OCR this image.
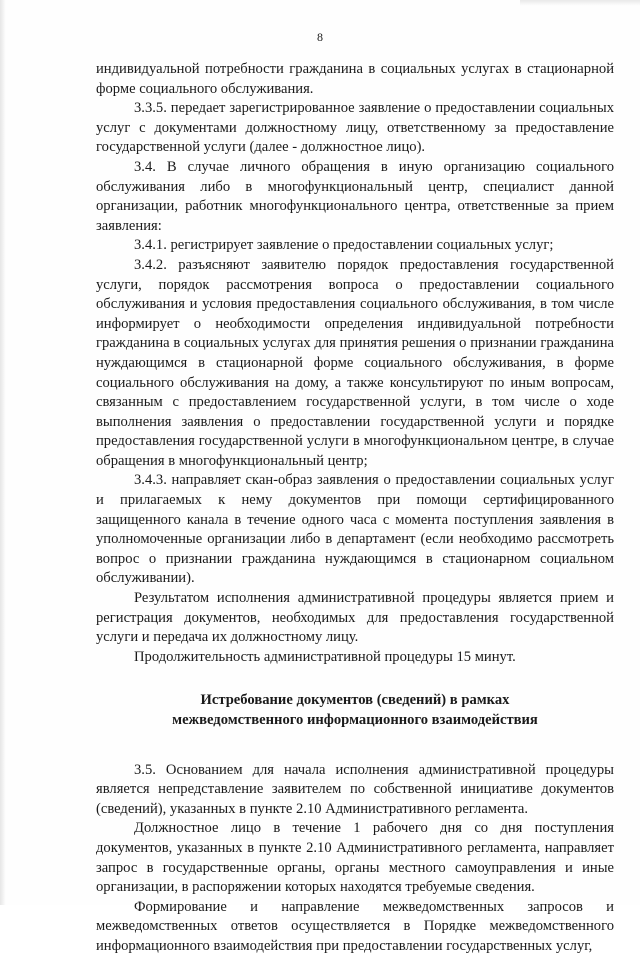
8

индивидуальной потребности гражданина в социальных услугах в стационарной форме социального обслуживания.

3.3.5. передает зарегистрированное заявление о предоставлении социальных услуг с документами должностному лицу, ответственному за предоставление государственной услуги (далее - должностное лицо).

3.4. В случае личного обращения в иную организацию социального обслуживания либо в многофункциональный центр, специалист данной организации, работник многофункционального центра, ответственные за прием заявления:

3.4.1. регистрирует заявление о предоставлении социальных услуг;

3.4.2. разъясняют заявителю порядок предоставления государственной услуги, порядок рассмотрения вопроса о предоставлении социального обслуживания и условия предоставления социального обслуживания, в том числе информирует о необходимости определения индивидуальной потребности гражданина в социальных услугах для принятия решения о признании гражданина нуждающимся в стационарной форме социального обслуживания, в форме социального обслуживания на дому, а также консультируют по иным вопросам, связанным с предоставлением государственной услуги, в том числе о ходе выполнения заявления о предоставлении государственной услуги и порядке предоставления государственной услуги в многофункциональном центре, в случае обращения в многофункциональный центр;

3.4.3. направляет скан-образ заявления о предоставлении социальных услуг и прилагаемых к нему документов при помощи сертифицированного защищенного канала в течение одного часа с момента поступления заявления в уполномоченные организации либо в департамент (если необходимо рассмотреть вопрос о признании гражданина нуждающимся в стационарном социальном обслуживании).

Результатом исполнения административной процедуры является прием и регистрация документов, необходимых для предоставления государственной услуги и передача их должностному лицу.

Продолжительность административной процедуры 15 минут.

Истребование документов (сведений) в рамках
межведомственного информационного взаимодействия

3.5. Основанием для начала исполнения административной процедуры является непредставление заявителем по собственной инициативе документов (сведений), указанных в пункте 2.10 Административного регламента.

Должностное лицо в течение 1 рабочего дня со дня поступления документов, указанных в пункте 2.10 Административного регламента, направляет запрос в государственные органы, органы местного самоуправления и иные организации, в распоряжении которых находятся требуемые сведения.

Формирование и направление межведомственных запросов и межведомственных ответов осуществляется в Порядке межведомственного информационного взаимодействия при предоставлении государственных услуг,
